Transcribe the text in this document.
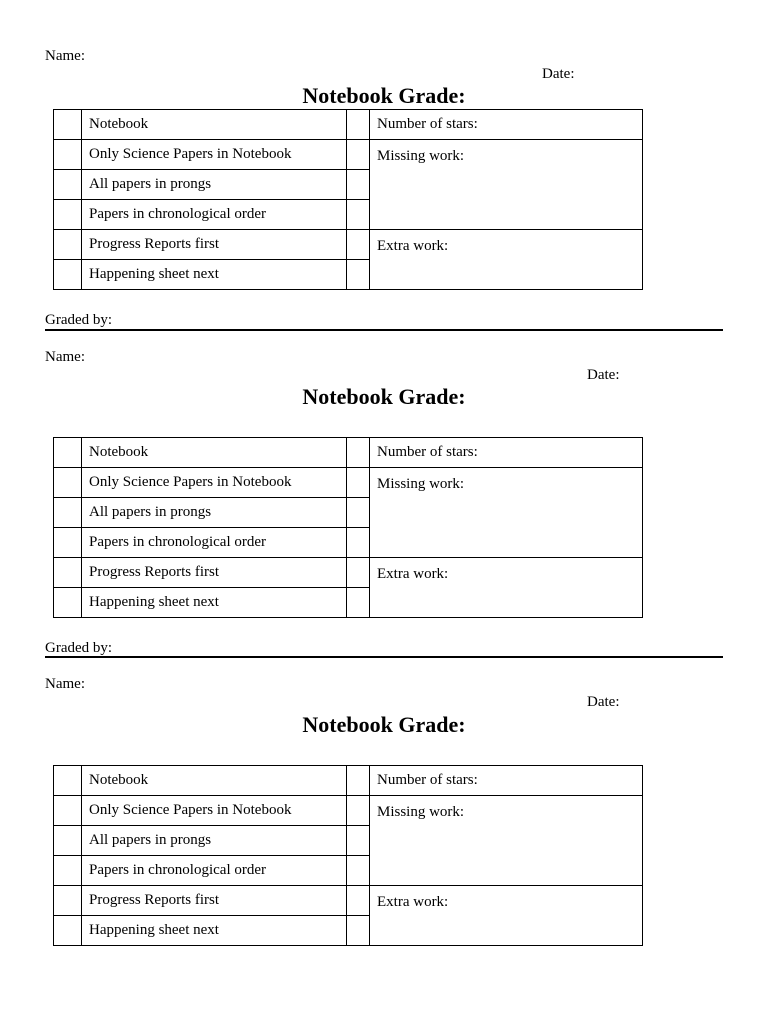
Name:
Date:
Notebook Grade:
	Notebook		Number of stars:
	Only Science Papers in Notebook		Missing work:
	All papers in prongs		
	Papers in chronological order		
	Progress Reports first		Extra work:
	Happening sheet next		
Graded by:
Name:
Date:
Notebook Grade:
	Notebook		Number of stars:
	Only Science Papers in Notebook		Missing work:
	All papers in prongs		
	Papers in chronological order		
	Progress Reports first		Extra work:
	Happening sheet next		
Graded by:
Name:
Date:
Notebook Grade:
	Notebook		Number of stars:
	Only Science Papers in Notebook		Missing work:
	All papers in prongs		
	Papers in chronological order		
	Progress Reports first		Extra work:
	Happening sheet next		
